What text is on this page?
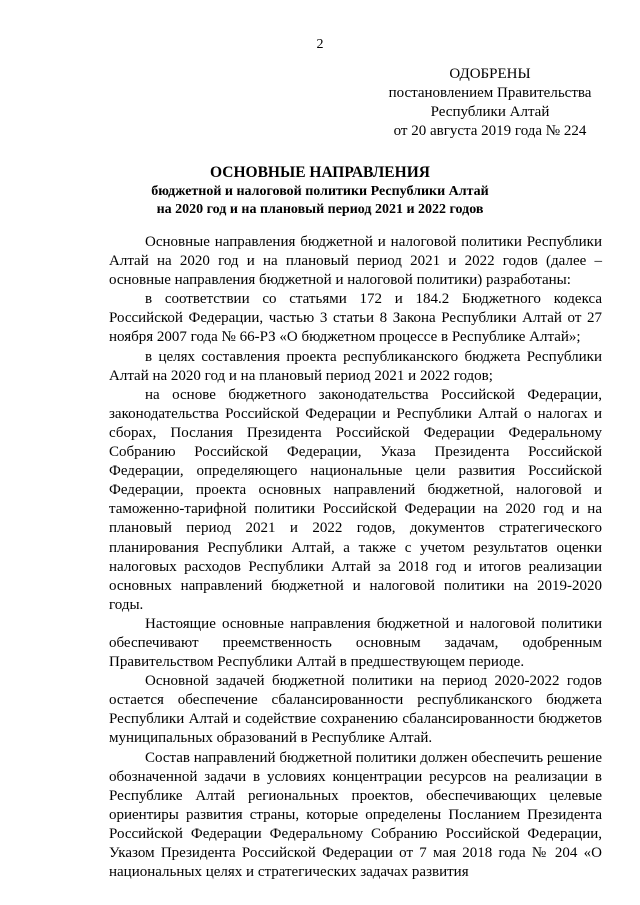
2
ОДОБРЕНЫ
постановлением Правительства
Республики Алтай
от 20 августа 2019 года № 224
ОСНОВНЫЕ НАПРАВЛЕНИЯ
бюджетной и налоговой политики Республики Алтай
на 2020 год и на плановый период 2021 и 2022 годов

Основные направления бюджетной и налоговой политики Республики Алтай на 2020 год и на плановый период 2021 и 2022 годов (далее – основные направления бюджетной и налоговой политики) разработаны:

в соответствии со статьями 172 и 184.2 Бюджетного кодекса Российской Федерации, частью 3 статьи 8 Закона Республики Алтай от 27 ноября 2007 года № 66-РЗ «О бюджетном процессе в Республике Алтай»;

в целях составления проекта республиканского бюджета Республики Алтай на 2020 год и на плановый период 2021 и 2022 годов;

на основе бюджетного законодательства Российской Федерации, законодательства Российской Федерации и Республики Алтай о налогах и сборах, Послания Президента Российской Федерации Федеральному Собранию Российской Федерации, Указа Президента Российской Федерации, определяющего национальные цели развития Российской Федерации, проекта основных направлений бюджетной, налоговой и таможенно-тарифной политики Российской Федерации на 2020 год и на плановый период 2021 и 2022 годов, документов стратегического планирования Республики Алтай, а также с учетом результатов оценки налоговых расходов Республики Алтай за 2018 год и итогов реализации основных направлений бюджетной и налоговой политики на 2019-2020 годы.

Настоящие основные направления бюджетной и налоговой политики обеспечивают преемственность основным задачам, одобренным Правительством Республики Алтай в предшествующем периоде.

Основной задачей бюджетной политики на период 2020-2022 годов остается обеспечение сбалансированности республиканского бюджета Республики Алтай и содействие сохранению сбалансированности бюджетов муниципальных образований в Республике Алтай.

Состав направлений бюджетной политики должен обеспечить решение обозначенной задачи в условиях концентрации ресурсов на реализации в Республике Алтай региональных проектов, обеспечивающих целевые ориентиры развития страны, которые определены Посланием Президента Российской Федерации Федеральному Собранию Российской Федерации, Указом Президента Российской Федерации от 7 мая 2018 года № 204 «О национальных целях и стратегических задачах развития
